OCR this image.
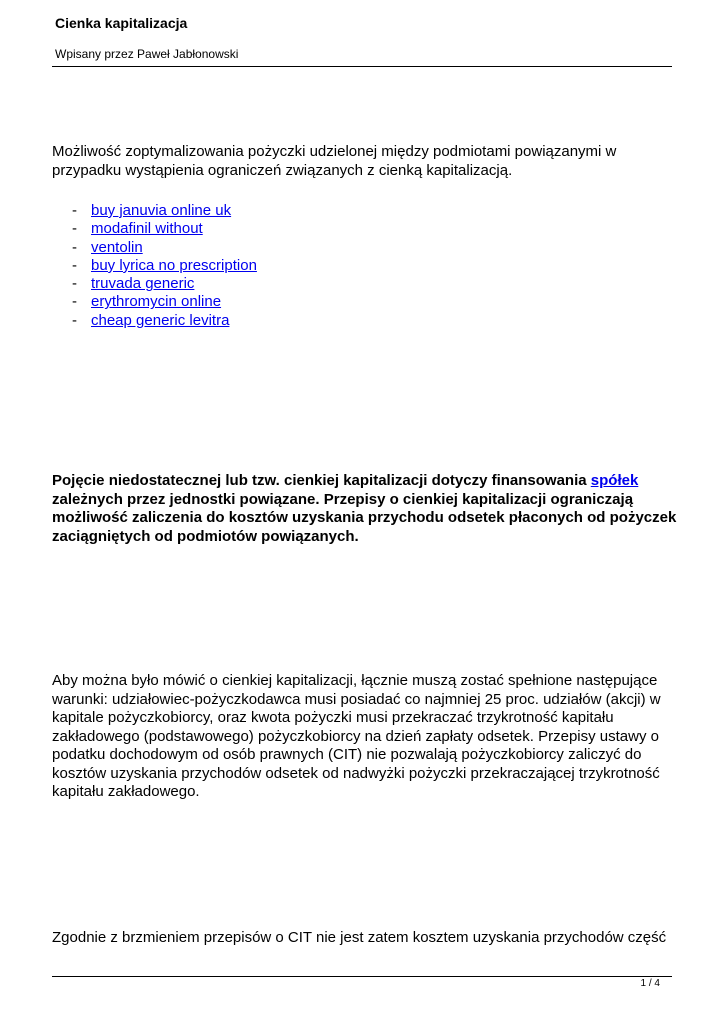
Cienka kapitalizacja
Wpisany przez Paweł Jabłonowski

Możliwość zoptymalizowania pożyczki udzielonej między podmiotami powiązanymi w przypadku wystąpienia ograniczeń związanych z cienką kapitalizacją.

- buy januvia online uk
- modafinil without
- ventolin
- buy lyrica no prescription
- truvada generic
- erythromycin online
- cheap generic levitra

Pojęcie niedostatecznej lub tzw. cienkiej kapitalizacji dotyczy finansowania spółek zależnych przez jednostki powiązane. Przepisy o cienkiej kapitalizacji ograniczają możliwość zaliczenia do kosztów uzyskania przychodu odsetek płaconych od pożyczek zaciągniętych od podmiotów powiązanych.

Aby można było mówić o cienkiej kapitalizacji, łącznie muszą zostać spełnione następujące warunki: udziałowiec-pożyczkodawca musi posiadać co najmniej 25 proc. udziałów (akcji) w kapitale pożyczkobiorcy, oraz kwota pożyczki musi przekraczać trzykrotność kapitału zakładowego (podstawowego) pożyczkobiorcy na dzień zapłaty odsetek. Przepisy ustawy o podatku dochodowym od osób prawnych (CIT) nie pozwalają pożyczkobiorcy zaliczyć do kosztów uzyskania przychodów odsetek od nadwyżki pożyczki przekraczającej trzykrotność kapitału zakładowego.

Zgodnie z brzmieniem przepisów o CIT nie jest zatem kosztem uzyskania przychodów część

1 / 4
